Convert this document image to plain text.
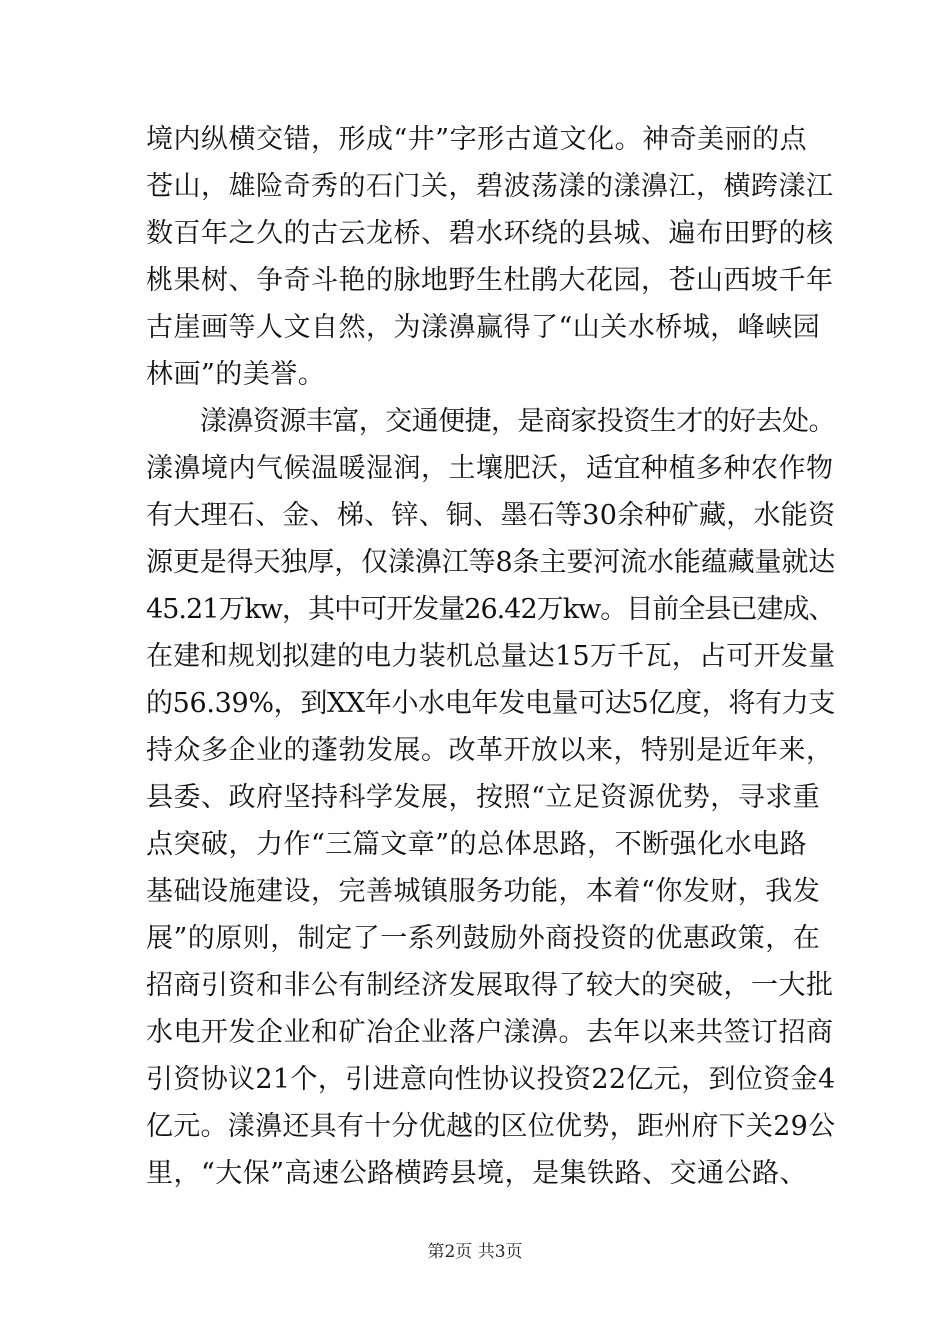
境内纵横交错，形成“井”字形古道文化。神奇美丽的点
苍山，雄险奇秀的石门关，碧波荡漾的漾濞江，横跨漾江
数百年之久的古云龙桥、碧水环绕的县城、遍布田野的核
桃果树、争奇斗艳的脉地野生杜鹃大花园，苍山西坡千年
古崖画等人文自然，为漾濞赢得了“山关水桥城，峰峡园
林画”的美誉。
漾濞资源丰富，交通便捷，是商家投资生才的好去处。
漾濞境内气候温暖湿润，土壤肥沃，适宜种植多种农作物
有大理石、金、梯、锌、铜、墨石等30余种矿藏，水能资
源更是得天独厚，仅漾濞江等8条主要河流水能蕴藏量就达
45.21万kw，其中可开发量26.42万kw。目前全县已建成、
在建和规划拟建的电力装机总量达15万千瓦，占可开发量
的56.39%，到XX年小水电年发电量可达5亿度，将有力支
持众多企业的蓬勃发展。改革开放以来，特别是近年来，
县委、政府坚持科学发展，按照“立足资源优势，寻求重
点突破，力作“三篇文章”的总体思路，不断强化水电路
基础设施建设，完善城镇服务功能，本着“你发财，我发
展”的原则，制定了一系列鼓励外商投资的优惠政策，在
招商引资和非公有制经济发展取得了较大的突破，一大批
水电开发企业和矿冶企业落户漾濞。去年以来共签订招商
引资协议21个，引进意向性协议投资22亿元，到位资金4
亿元。漾濞还具有十分优越的区位优势，距州府下关29公
里，“大保”高速公路横跨县境，是集铁路、交通公路、
第2页 共3页
